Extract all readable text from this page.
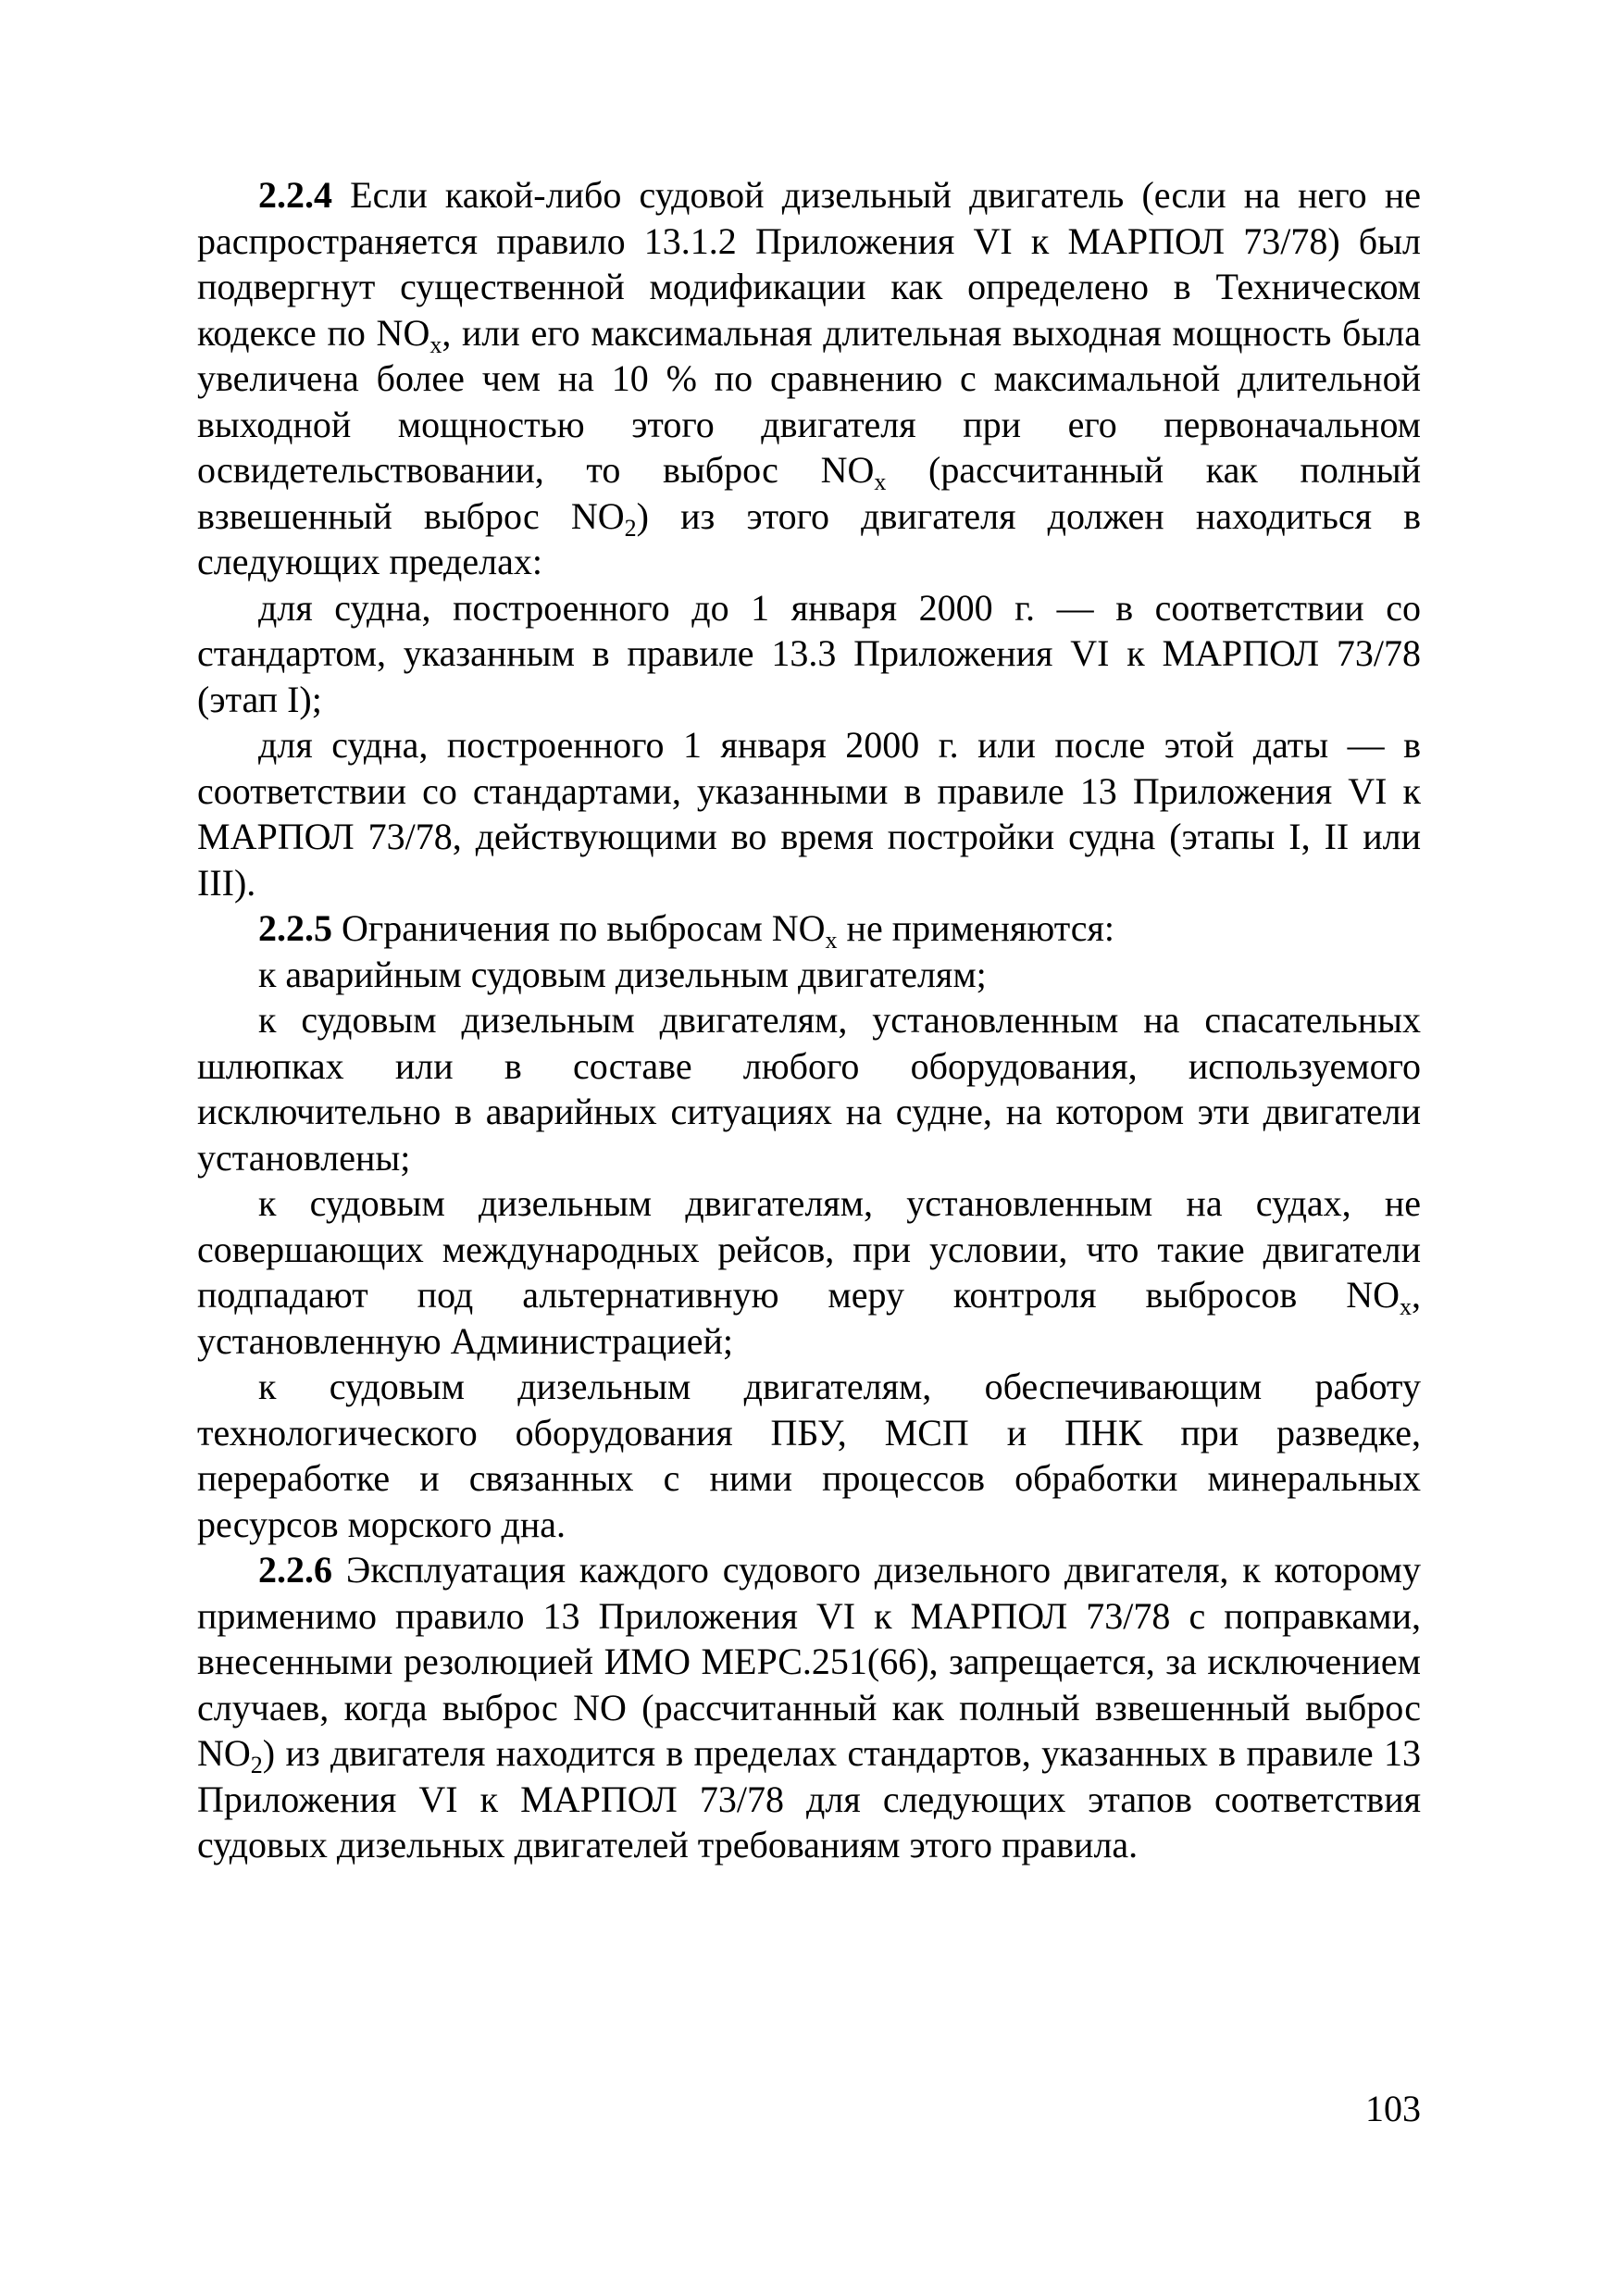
2.2.4 Если какой-либо судовой дизельный двигатель (если на него не распространяется правило 13.1.2 Приложения VI к МАРПОЛ 73/78) был подвергнут существенной модификации как определено в Техническом кодексе по $NO_x$, или его максимальная длительная выходная мощность была увеличена более чем на 10 % по сравнению с максимальной длительной выходной мощностью этого двигателя при его первоначальном освидетельствовании, то выброс $NO_x$ (рассчитанный как полный взвешенный выброс $NO_2$) из этого двигателя должен находиться в следующих пределах:

для судна, построенного до 1 января 2000 г. — в соответствии со стандартом, указанным в правиле 13.3 Приложения VI к МАРПОЛ 73/78 (этап I);

для судна, построенного 1 января 2000 г. или после этой даты — в соответствии со стандартами, указанными в правиле 13 Приложения VI к МАРПОЛ 73/78, действующими во время постройки судна (этапы I, II или III).

2.2.5 Ограничения по выбросам $NO_x$ не применяются:

к аварийным судовым дизельным двигателям;

к судовым дизельным двигателям, установленным на спасательных шлюпках или в составе любого оборудования, используемого исключительно в аварийных ситуациях на судне, на котором эти двигатели установлены;

к судовым дизельным двигателям, установленным на судах, не совершающих международных рейсов, при условии, что такие двигатели подпадают под альтернативную меру контроля выбросов $NO_x$, установленную Администрацией;

к судовым дизельным двигателям, обеспечивающим работу технологического оборудования ПБУ, МСП и ПНК при разведке, переработке и связанных с ними процессов обработки минеральных ресурсов морского дна.

2.2.6 Эксплуатация каждого судового дизельного двигателя, к которому применимо правило 13 Приложения VI к МАРПОЛ 73/78 с поправками, внесенными резолюцией ИМО МЕРС.251(66), запрещается, за исключением случаев, когда выброс NO (рассчитанный как полный взвешенный выброс $NO_2$) из двигателя находится в пределах стандартов, указанных в правиле 13 Приложения VI к МАРПОЛ 73/78 для следующих этапов соответствия судовых дизельных двигателей требованиям этого правила.

103
